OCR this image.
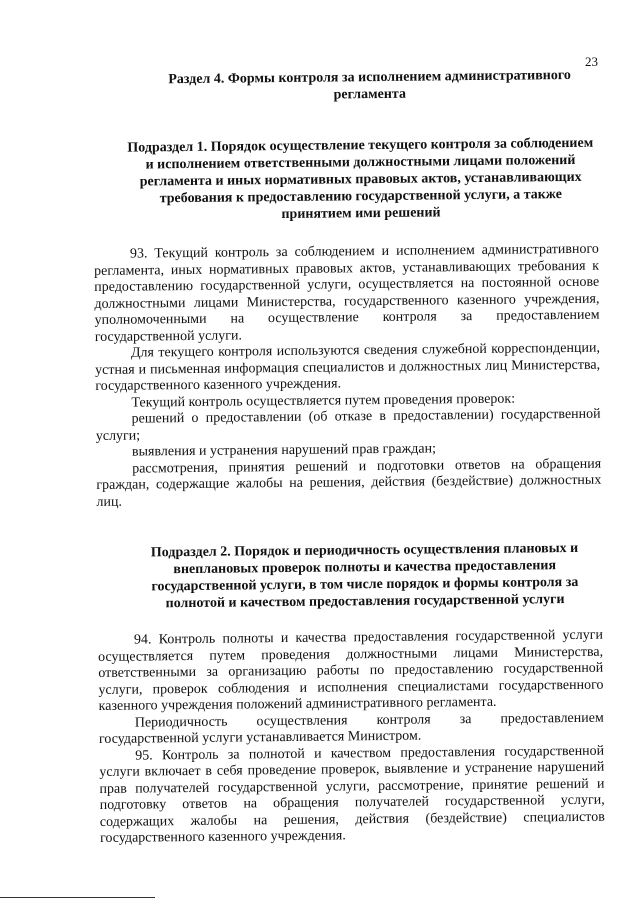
23
Раздел 4. Формы контроля за исполнением административного регламента
Подраздел 1. Порядок осуществление текущего контроля за соблюдением и исполнением ответственными должностными лицами положений регламента и иных нормативных правовых актов, устанавливающих требования к предоставлению государственной услуги, а также принятием ими решений

93. Текущий контроль за соблюдением и исполнением административного регламента, иных нормативных правовых актов, устанавливающих требования к предоставлению государственной услуги, осуществляется на постоянной основе должностными лицами Министерства, государственного казенного учреждения, уполномоченными на осуществление контроля за предоставлением государственной услуги.

Для текущего контроля используются сведения служебной корреспонденции, устная и письменная информация специалистов и должностных лиц Министерства, государственного казенного учреждения.

Текущий контроль осуществляется путем проведения проверок:

решений о предоставлении (об отказе в предоставлении) государственной услуги;

выявления и устранения нарушений прав граждан;

рассмотрения, принятия решений и подготовки ответов на обращения граждан, содержащие жалобы на решения, действия (бездействие) должностных лиц.

Подраздел 2. Порядок и периодичность осуществления плановых и внеплановых проверок полноты и качества предоставления государственной услуги, в том числе порядок и формы контроля за полнотой и качеством предоставления государственной услуги

94. Контроль полноты и качества предоставления государственной услуги осуществляется путем проведения должностными лицами Министерства, ответственными за организацию работы по предоставлению государственной услуги, проверок соблюдения и исполнения специалистами государственного казенного учреждения положений административного регламента.

Периодичность осуществления контроля за предоставлением государственной услуги устанавливается Министром.

95. Контроль за полнотой и качеством предоставления государственной услуги включает в себя проведение проверок, выявление и устранение нарушений прав получателей государственной услуги, рассмотрение, принятие решений и подготовку ответов на обращения получателей государственной услуги, содержащих жалобы на решения, действия (бездействие) специалистов государственного казенного учреждения.
